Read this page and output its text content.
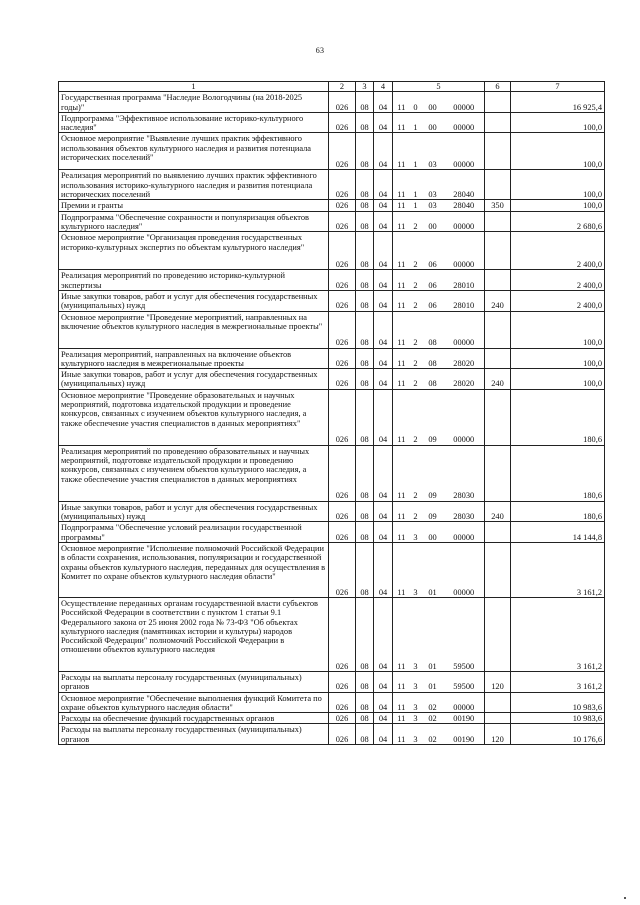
63
1	2	3	4	5				6	7
Государственная программа "Наследие Вологодчины (на 2018-2025 годы)"	026	08	04	11	0	00	00000		16 925,4
Подпрограмма "Эффективное использование историко-культурного наследия"	026	08	04	11	1	00	00000		100,0
Основное мероприятие "Выявление лучших практик эффективного использования объектов культурного наследия и развития потенциала исторических поселений"	026	08	04	11	1	03	00000		100,0
Реализация мероприятий по выявлению лучших практик эффективного использования историко-культурного наследия и развития потенциала исторических поселений	026	08	04	11	1	03	28040		100,0
Премии и гранты	026	08	04	11	1	03	28040	350	100,0
Подпрограмма "Обеспечение сохранности и популяризация объектов культурного наследия"	026	08	04	11	2	00	00000		2 680,6
Основное мероприятие "Организация проведения государственных историко-культурных экспертиз по объектам культурного наследия"	026	08	04	11	2	06	00000		2 400,0
Реализация мероприятий по проведению историко-культурной экспертизы	026	08	04	11	2	06	28010		2 400,0
Иные закупки товаров, работ и услуг для обеспечения государственных (муниципальных) нужд	026	08	04	11	2	06	28010	240	2 400,0
Основное мероприятие "Проведение мероприятий, направленных на включение объектов культурного наследия в межрегиональные проекты"	026	08	04	11	2	08	00000		100,0
Реализация мероприятий, направленных на включение объектов культурного наследия в межрегиональные проекты	026	08	04	11	2	08	28020		100,0
Иные закупки товаров, работ и услуг для обеспечения государственных (муниципальных) нужд	026	08	04	11	2	08	28020	240	100,0
Основное мероприятие "Проведение образовательных и научных мероприятий, подготовка издательской продукции и проведение конкурсов, связанных с изучением объектов культурного наследия, а также обеспечение участия специалистов в данных мероприятиях"	026	08	04	11	2	09	00000		180,6
Реализация мероприятий по проведению образовательных и научных мероприятий, подготовке издательской продукции и проведению конкурсов, связанных с изучением объектов культурного наследия, а также обеспечение участия специалистов в данных мероприятиях	026	08	04	11	2	09	28030		180,6
Иные закупки товаров, работ и услуг для обеспечения государственных (муниципальных) нужд	026	08	04	11	2	09	28030	240	180,6
Подпрограмма "Обеспечение условий реализации государственной программы"	026	08	04	11	3	00	00000		14 144,8
Основное мероприятие "Исполнение полномочий Российской Федерации в области сохранения, использования, популяризации и государственной охраны объектов культурного наследия, переданных для осуществления в Комитет по охране объектов культурного наследия области"	026	08	04	11	3	01	00000		3 161,2
Осуществление переданных органам государственной власти субъектов Российской Федерации в соответствии с пунктом 1 статьи 9.1 Федерального закона от 25 июня 2002 года № 73-ФЗ "Об объектах культурного наследия (памятниках истории и культуры) народов Российской Федерации" полномочий Российской Федерации в отношении объектов культурного наследия	026	08	04	11	3	01	59500		3 161,2
Расходы на выплаты персоналу государственных (муниципальных) органов	026	08	04	11	3	01	59500	120	3 161,2
Основное мероприятие "Обеспечение выполнения функций Комитета по охране объектов культурного наследия области"	026	08	04	11	3	02	00000		10 983,6
Расходы на обеспечение функций государственных органов	026	08	04	11	3	02	00190		10 983,6
Расходы на выплаты персоналу государственных (муниципальных) органов	026	08	04	11	3	02	00190	120	10 176,6
